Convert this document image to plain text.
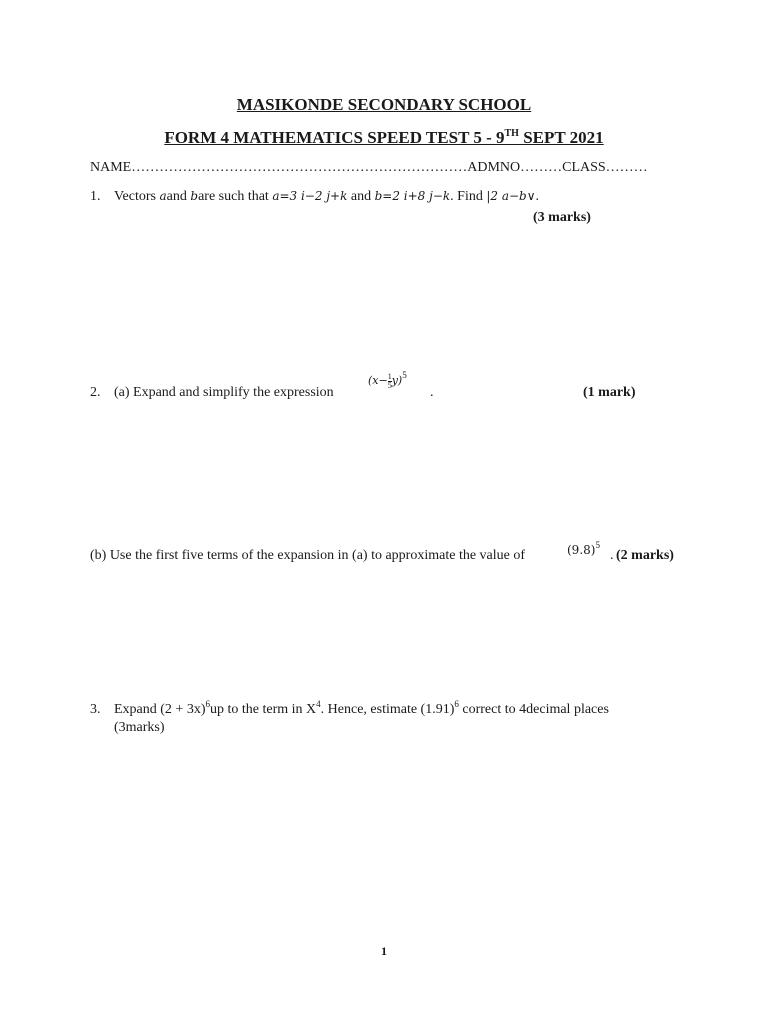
MASIKONDE SECONDARY SCHOOL
FORM 4 MATHEMATICS SPEED TEST 5 - 9TH SEPT 2021
NAME………………………………………………………………ADMNO………CLASS………
1. Vectors aand bare such that a=3 i−2 j+k and b=2 i+8 j−k. Find |2 a−b∨.
(3 marks)
2. (a) Expand and simplify the expression
$(x- \frac{1}{5} y)^5$
.	(1 mark)
(b) Use the first five terms of the expansion in (a) to approximate the value of	$(9.8)^5$
. (2 marks)
3. Expand $(2 + 3x)^6up$ to the term in $X^4$. Hence, estimate $(1.91)^6$ correct to 4decimal places
(3marks)
1
